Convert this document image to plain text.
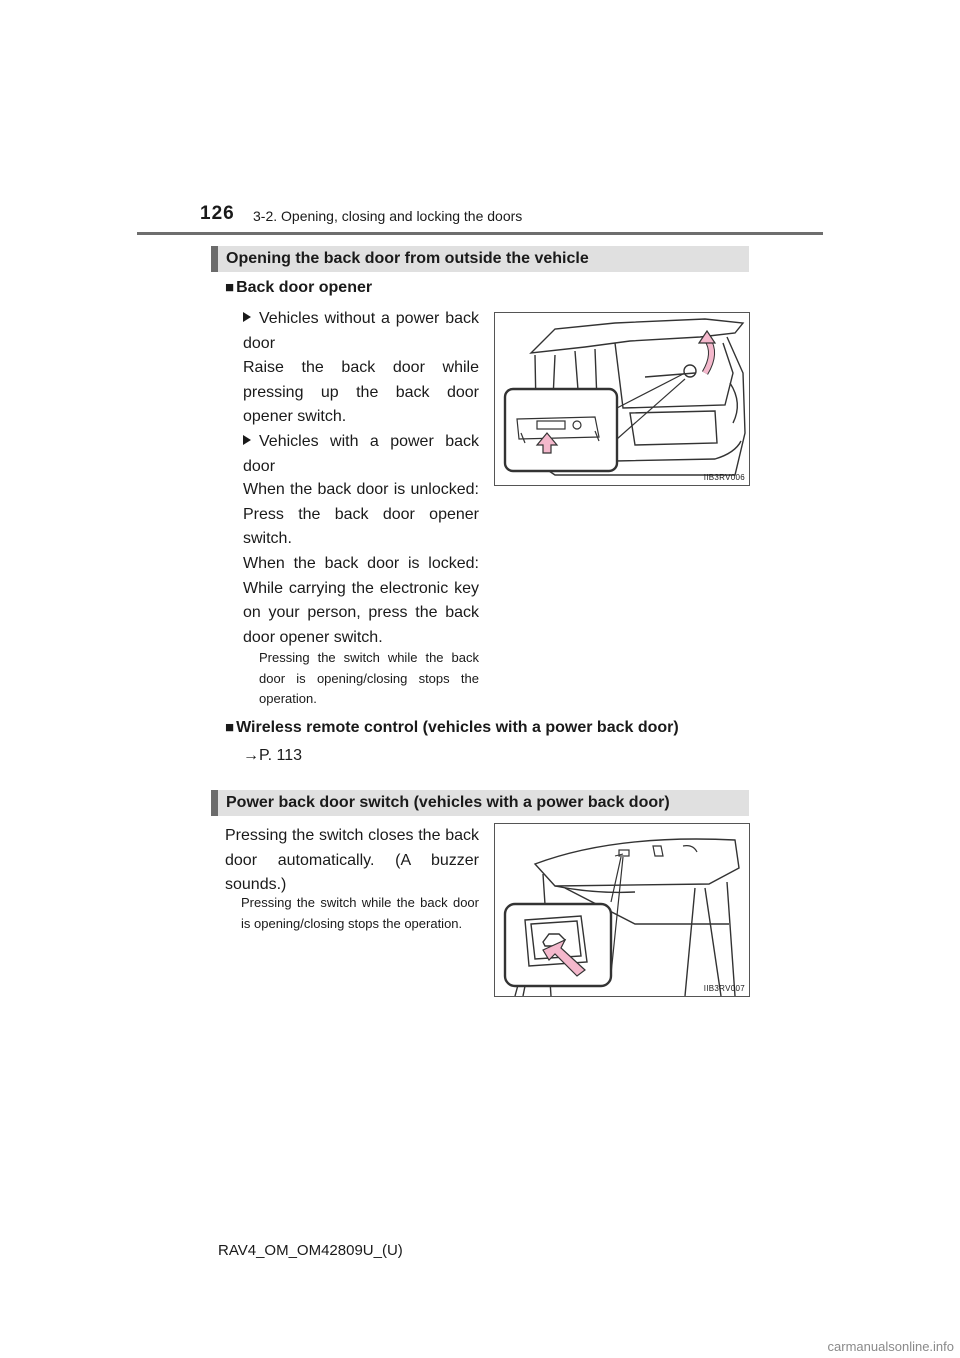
126 3-2. Opening, closing and locking the doors
Opening the back door from outside the vehicle
■ Back door opener
Vehicles without a power back door
Raise the back door while pressing up the back door opener switch.
Vehicles with a power back door
When the back door is unlocked: Press the back door opener switch.
When the back door is locked: While carrying the electronic key on your person, press the back door opener switch.
Pressing the switch while the back door is opening/closing stops the operation.
IIB3RV006
■ Wireless remote control (vehicles with a power back door)
→P. 113
Power back door switch (vehicles with a power back door)
Pressing the switch closes the back door automatically. (A buzzer sounds.)
Pressing the switch while the back door is opening/closing stops the operation.
IIB3RV007
RAV4_OM_OM42809U_(U)
carmanualsonline.info
